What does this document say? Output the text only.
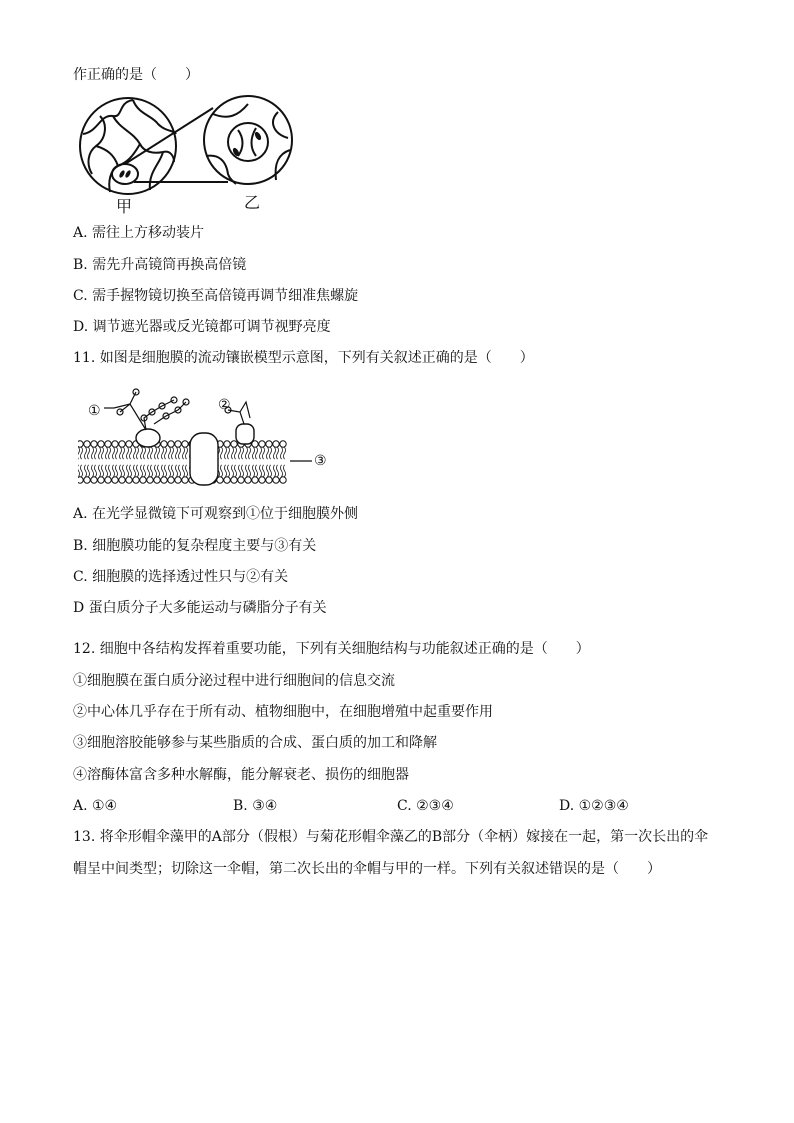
作正确的是（　　）
甲	乙
A. 需往上方移动装片
B. 需先升高镜筒再换高倍镜
C. 需手握物镜切换至高倍镜再调节细准焦螺旋
D. 调节遮光器或反光镜都可调节视野亮度
11. 如图是细胞膜的流动镶嵌模型示意图，下列有关叙述正确的是（　　）
①	②
③
A. 在光学显微镜下可观察到①位于细胞膜外侧
B. 细胞膜功能的复杂程度主要与③有关
C. 细胞膜的选择透过性只与②有关
D 蛋白质分子大多能运动与磷脂分子有关
12. 细胞中各结构发挥着重要功能，下列有关细胞结构与功能叙述正确的是（　　）
①细胞膜在蛋白质分泌过程中进行细胞间的信息交流
②中心体几乎存在于所有动、植物细胞中，在细胞增殖中起重要作用
③细胞溶胶能够参与某些脂质的合成、蛋白质的加工和降解
④溶酶体富含多种水解酶，能分解衰老、损伤的细胞器
A. ①④	B. ③④	C. ②③④	D. ①②③④
13. 将伞形帽伞藻甲的A部分（假根）与菊花形帽伞藻乙的B部分（伞柄）嫁接在一起，第一次长出的伞
帽呈中间类型；切除这一伞帽，第二次长出的伞帽与甲的一样。下列有关叙述错误的是（　　）
